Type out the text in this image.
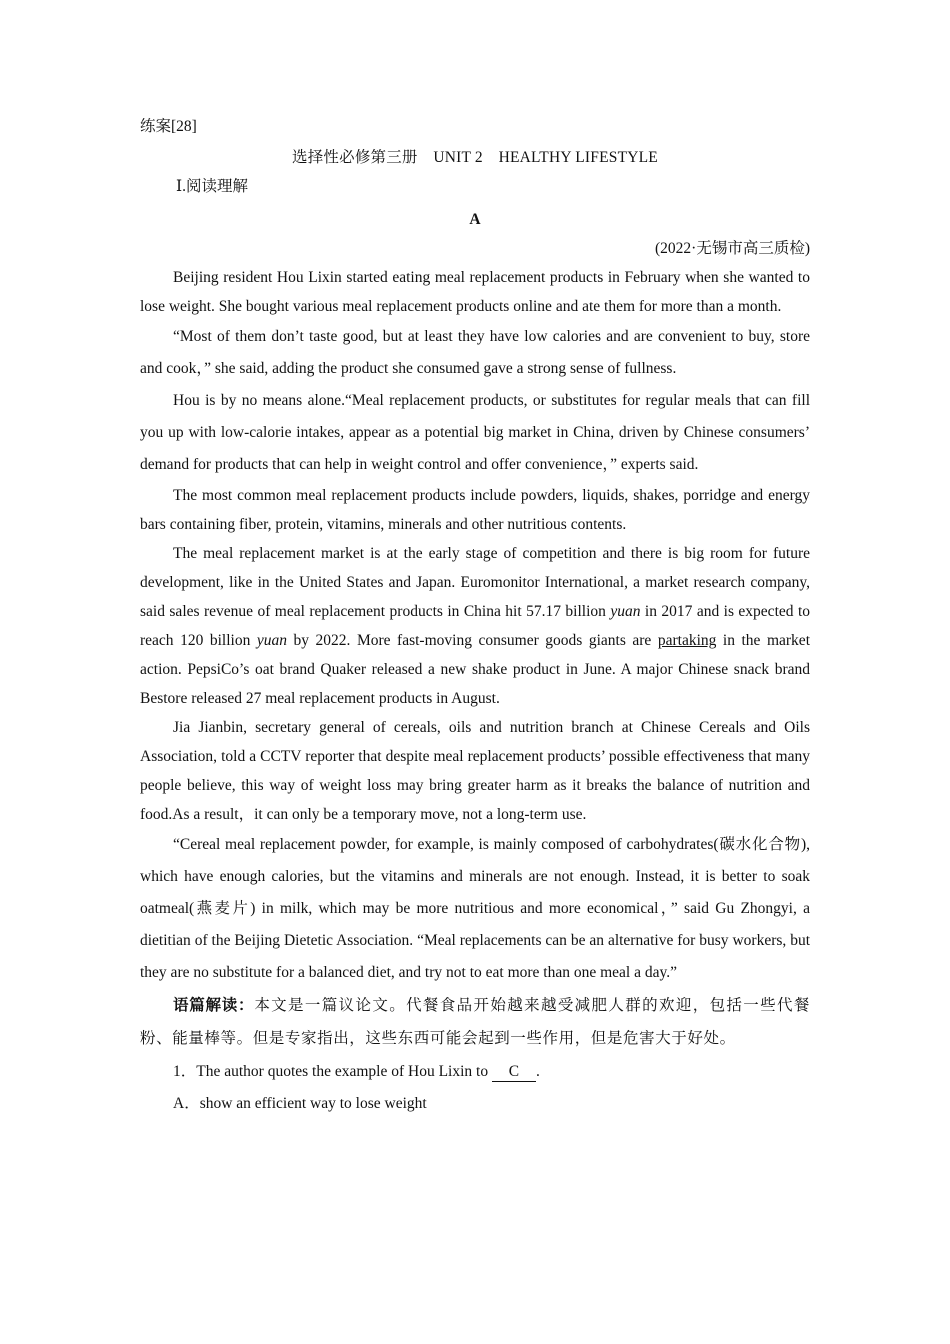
练案[28]

选择性必修第三册　UNIT 2　HEALTHY LIFESTYLE

Ⅰ.阅读理解

A

(2022·无锡市高三质检)

Beijing resident Hou Lixin started eating meal replacement products in February when she wanted to lose weight. She bought various meal replacement products online and ate them for more than a month.

“Most of them don’t taste good, but at least they have low calories and are convenient to buy, store and cook，” she said, adding the product she consumed gave a strong sense of fullness.

Hou is by no means alone.“Meal replacement products, or substitutes for regular meals that can fill you up with low-calorie intakes, appear as a potential big market in China, driven by Chinese consumers’ demand for products that can help in weight control and offer convenience，” experts said.

The most common meal replacement products include powders, liquids, shakes, porridge and energy bars containing fiber, protein, vitamins, minerals and other nutritious contents.

The meal replacement market is at the early stage of competition and there is big room for future development, like in the United States and Japan. Euromonitor International, a market research company, said sales revenue of meal replacement products in China hit 57.17 billion yuan in 2017 and is expected to reach 120 billion yuan by 2022. More fast-moving consumer goods giants are partaking in the market action. PepsiCo’s oat brand Quaker released a new shake product in June. A major Chinese snack brand Bestore released 27 meal replacement products in August.

Jia Jianbin, secretary general of cereals, oils and nutrition branch at Chinese Cereals and Oils Association, told a CCTV reporter that despite meal replacement products’ possible effectiveness that many people believe, this way of weight loss may bring greater harm as it breaks the balance of nutrition and food.As a result，it can only be a temporary move, not a long-term use.

“Cereal meal replacement powder, for example, is mainly composed of carbohydrates(碳水化合物), which have enough calories, but the vitamins and minerals are not enough. Instead, it is better to soak oatmeal(燕麦片) in milk, which may be more nutritious and more economical，” said Gu Zhongyi, a dietitian of the Beijing Dietetic Association. “Meal replacements can be an alternative for busy workers, but they are no substitute for a balanced diet, and try not to eat more than one meal a day.”

语篇解读：本文是一篇议论文。代餐食品开始越来越受减肥人群的欢迎，包括一些代餐粉、能量棒等。但是专家指出，这些东西可能会起到一些作用，但是危害大于好处。

1．The author quotes the example of Hou Lixin to C .

A．show an efficient way to lose weight
